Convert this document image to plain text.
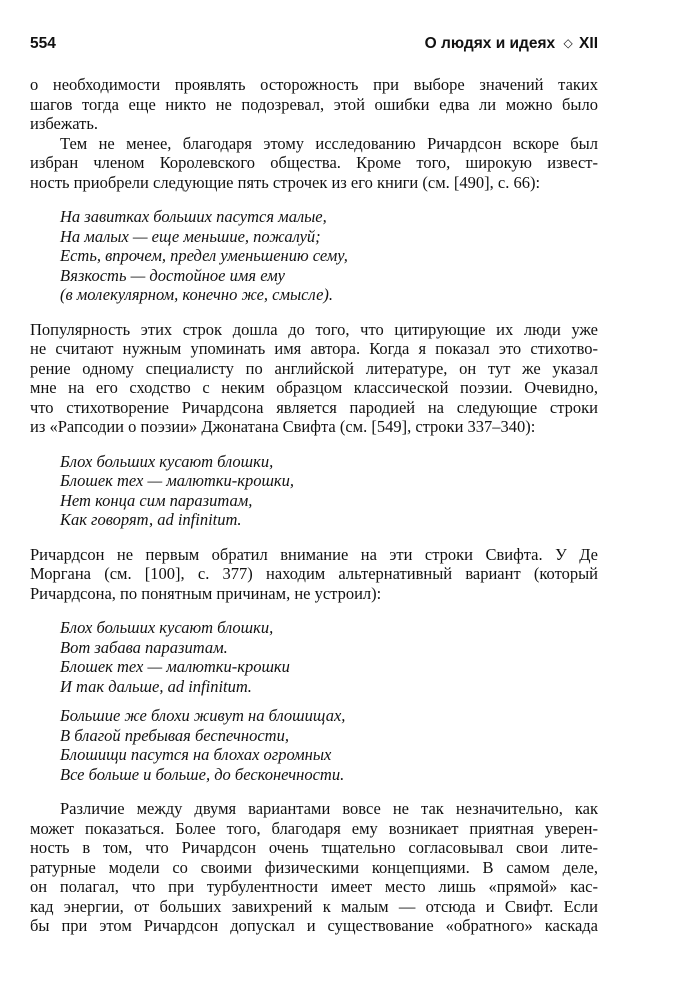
554	О людях и идеях ◇ XII

о необходимости проявлять осторожность при выборе значений таких
шагов тогда еще никто не подозревал, этой ошибки едва ли можно было
избежать.

Тем не менее, благодаря этому исследованию Ричардсон вскоре был
избран членом Королевского общества. Кроме того, широкую извест-
ность приобрели следующие пять строчек из его книги (см. [490], с. 66):

На завитках больших пасутся малые,
На малых — еще меньшие, пожалуй;
Есть, впрочем, предел уменьшению сему,
Вязкость — достойное имя ему
(в молекулярном, конечно же, смысле).

Популярность этих строк дошла до того, что цитирующие их люди уже
не считают нужным упоминать имя автора. Когда я показал это стихотво-
рение одному специалисту по английской литературе, он тут же указал
мне на его сходство с неким образцом классической поэзии. Очевидно,
что стихотворение Ричардсона является пародией на следующие строки
из «Рапсодии о поэзии» Джонатана Свифта (см. [549], строки 337–340):

Блох больших кусают блошки,
Блошек тех — малютки-крошки,
Нет конца сим паразитам,
Как говорят, ad infinitum.

Ричардсон не первым обратил внимание на эти строки Свифта. У Де
Моргана (см. [100], с. 377) находим альтернативный вариант (который
Ричардсона, по понятным причинам, не устроил):

Блох больших кусают блошки,
Вот забава паразитам.
Блошек тех — малютки-крошки
И так дальше, ad infinitum.
Большие же блохи живут на блошищах,
В благой пребывая беспечности,
Блошищи пасутся на блохах огромных
Все больше и больше, до бесконечности.

Различие между двумя вариантами вовсе не так незначительно, как
может показаться. Более того, благодаря ему возникает приятная уверен-
ность в том, что Ричардсон очень тщательно согласовывал свои лите-
ратурные модели со своими физическими концепциями. В самом деле,
он полагал, что при турбулентности имеет место лишь «прямой» кас-
кад энергии, от больших завихрений к малым — отсюда и Свифт. Если
бы при этом Ричардсон допускал и существование «обратного» каскада
